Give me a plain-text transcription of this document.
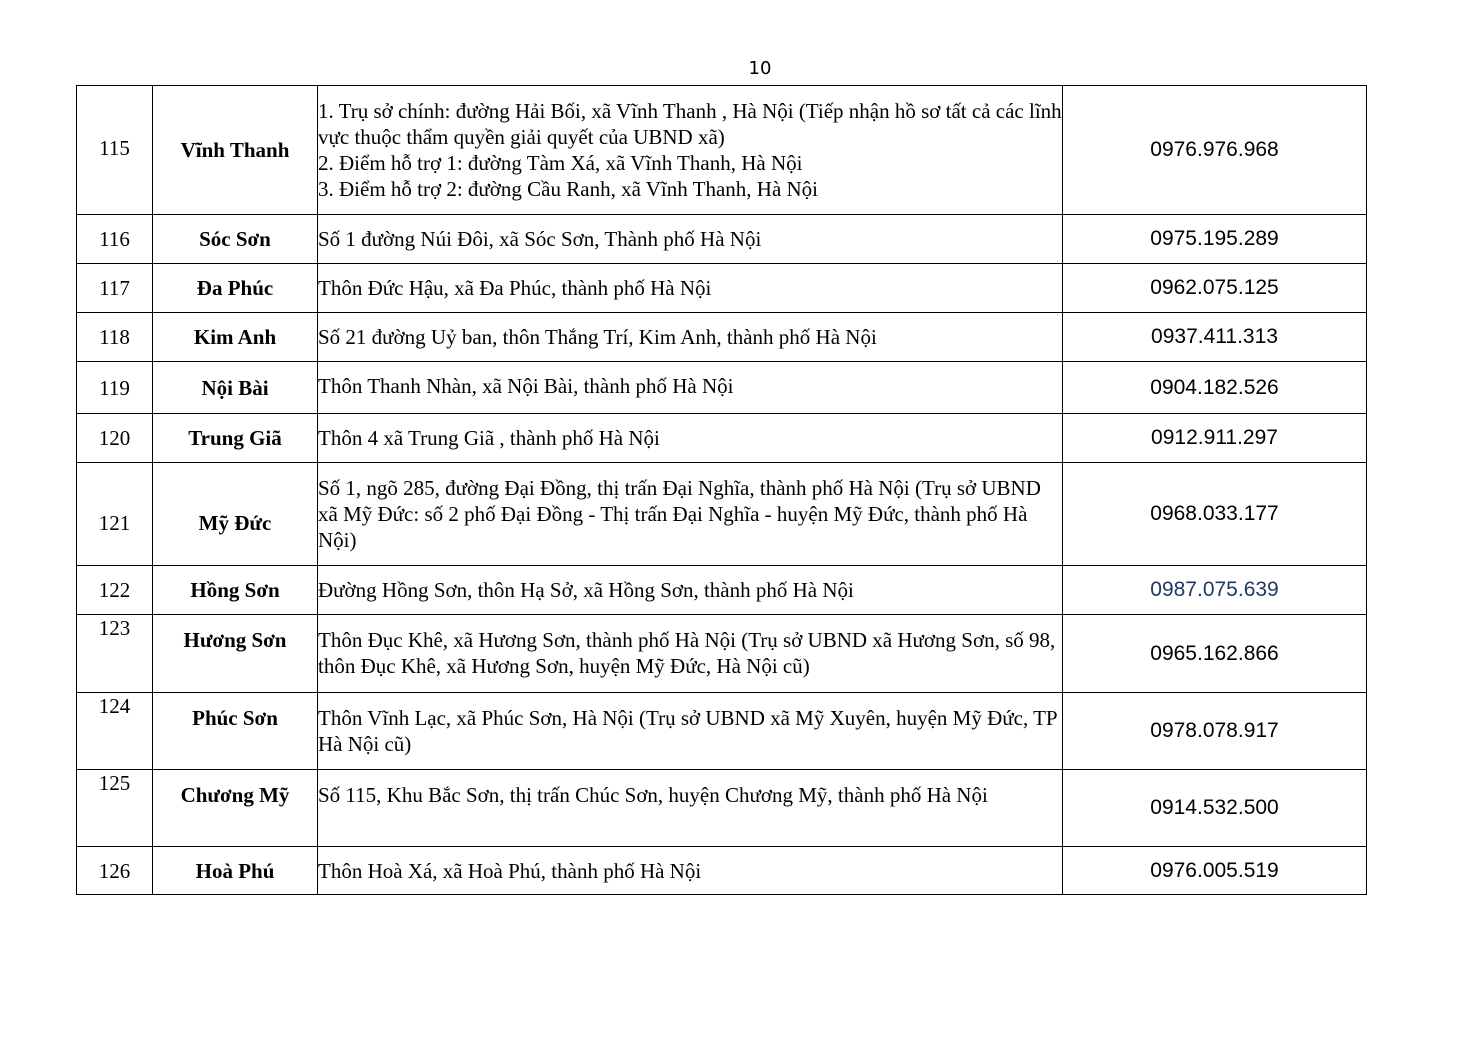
10
115	Vĩnh Thanh	1. Trụ sở chính: đường Hải Bối, xã Vĩnh Thanh , Hà Nội (Tiếp nhận hồ sơ tất cả các lĩnh vực thuộc thẩm quyền giải quyết của UBND xã)
2. Điểm hỗ trợ 1: đường Tàm Xá, xã Vĩnh Thanh, Hà Nội
3. Điểm hỗ trợ 2: đường Cầu Ranh, xã Vĩnh Thanh, Hà Nội	0976.976.968
116	Sóc Sơn	Số 1 đường Núi Đôi, xã Sóc Sơn, Thành phố Hà Nội	0975.195.289
117	Đa Phúc	Thôn Đức Hậu, xã Đa Phúc, thành phố Hà Nội	0962.075.125
118	Kim Anh	Số 21 đường Uỷ ban, thôn Thắng Trí, Kim Anh, thành phố Hà Nội	0937.411.313
119	Nội Bài	Thôn Thanh Nhàn, xã Nội Bài, thành phố Hà Nội	0904.182.526
120	Trung Giã	Thôn 4 xã Trung Giã , thành phố Hà Nội	0912.911.297
121	Mỹ Đức	Số 1, ngõ 285, đường Đại Đồng, thị trấn Đại Nghĩa, thành phố Hà Nội (Trụ sở UBND xã Mỹ Đức: số 2 phố Đại Đồng - Thị trấn Đại Nghĩa - huyện Mỹ Đức, thành phố Hà Nội)	0968.033.177
122	Hồng Sơn	Đường Hồng Sơn, thôn Hạ Sở, xã Hồng Sơn, thành phố Hà Nội	0987.075.639
123	Hương Sơn	Thôn Đục Khê, xã Hương Sơn, thành phố Hà Nội (Trụ sở UBND xã Hương Sơn, số 98, thôn Đục Khê, xã Hương Sơn, huyện Mỹ Đức, Hà Nội cũ)	0965.162.866
124	Phúc Sơn	Thôn Vĩnh Lạc, xã Phúc Sơn, Hà Nội (Trụ sở UBND xã Mỹ Xuyên, huyện Mỹ Đức, TP Hà Nội cũ)	0978.078.917
125	Chương Mỹ	Số 115, Khu Bắc Sơn, thị trấn Chúc Sơn, huyện Chương Mỹ, thành phố Hà Nội	0914.532.500
126	Hoà Phú	Thôn Hoà Xá, xã Hoà Phú, thành phố Hà Nội	0976.005.519
